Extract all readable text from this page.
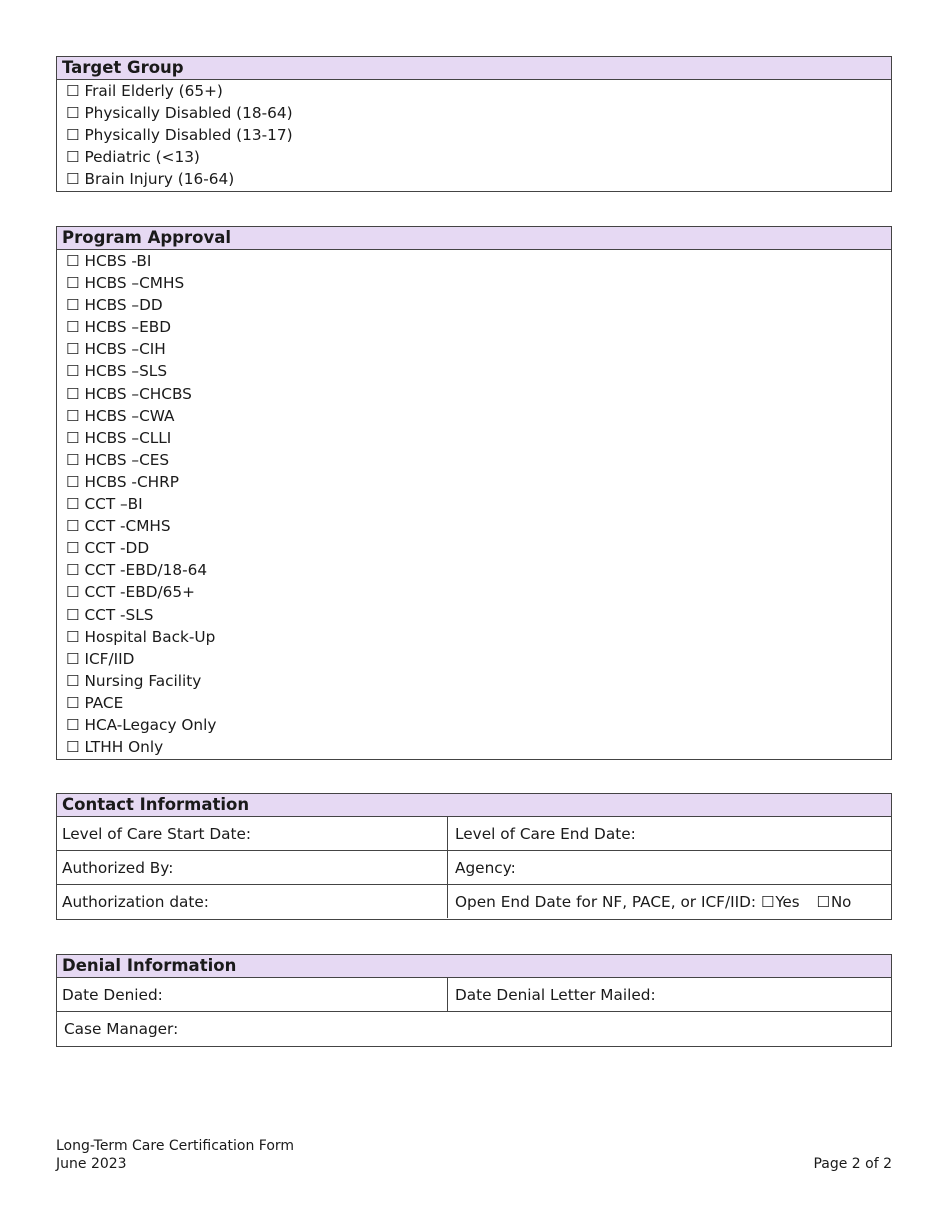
Target Group
☐ Frail Elderly (65+)
☐ Physically Disabled (18-64)
☐ Physically Disabled (13-17)
☐ Pediatric (<13)
☐ Brain Injury (16-64)
Program Approval
☐ HCBS -BI
☐ HCBS –CMHS
☐ HCBS –DD
☐ HCBS –EBD
☐ HCBS –CIH
☐ HCBS –SLS
☐ HCBS –CHCBS
☐ HCBS –CWA
☐ HCBS –CLLI
☐ HCBS –CES
☐ HCBS -CHRP
☐ CCT –BI
☐ CCT -CMHS
☐ CCT -DD
☐ CCT -EBD/18-64
☐ CCT -EBD/65+
☐ CCT -SLS
☐ Hospital Back-Up
☐ ICF/IID
☐ Nursing Facility
☐ PACE
☐ HCA-Legacy Only
☐ LTHH Only
Contact Information
Level of Care Start Date:	Level of Care End Date:
Authorized By:	Agency:
Authorization date:	Open End Date for NF, PACE, or ICF/IID: ☐Yes ☐No
Denial Information
Date Denied:	Date Denial Letter Mailed:
Case Manager:
Long-Term Care Certification Form
June 2023	Page 2 of 2
